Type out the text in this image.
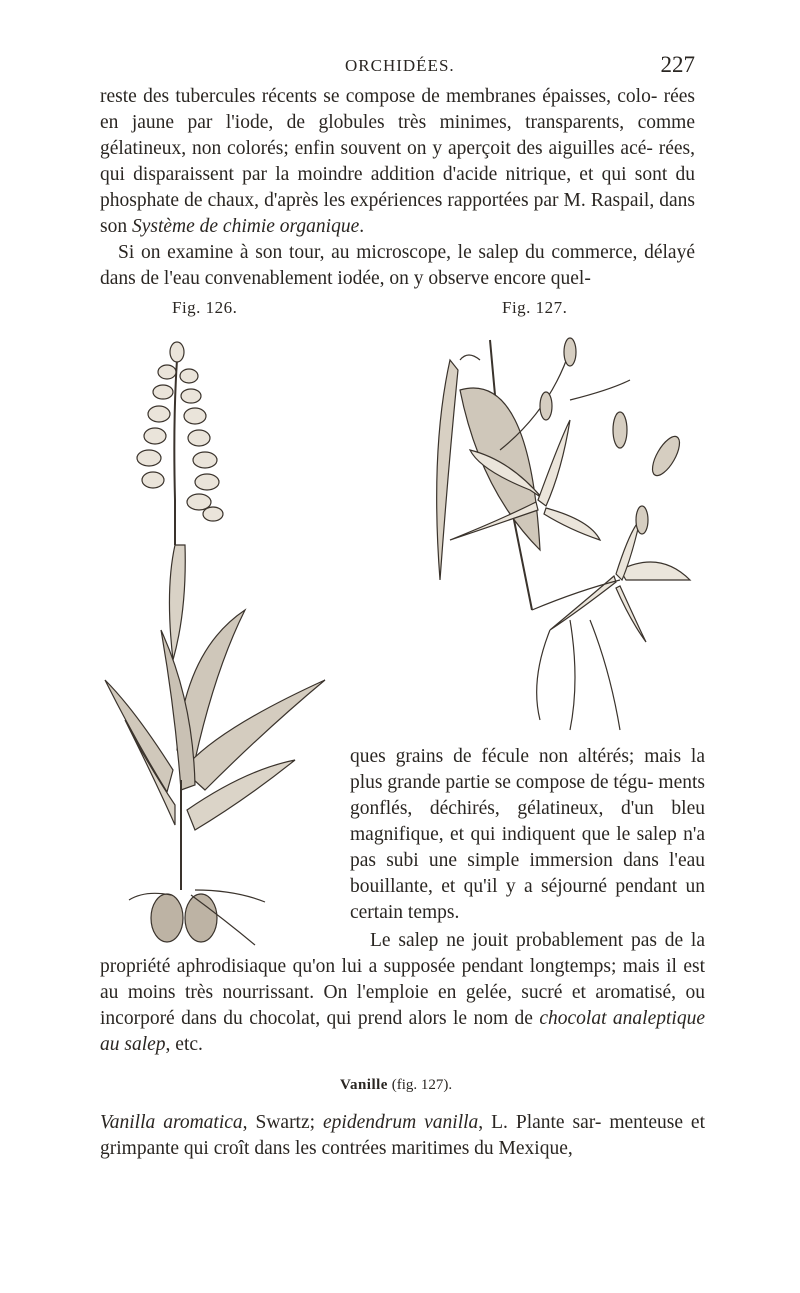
ORCHIDÉES.	227

reste des tubercules récents se compose de membranes épaisses, colo- rées en jaune par l'iode, de globules très minimes, transparents, comme gélatineux, non colorés; enfin souvent on y aperçoit des aiguilles acé- rées, qui disparaissent par la moindre addition d'acide nitrique, et qui sont du phosphate de chaux, d'après les expériences rapportées par M. Raspail, dans son Système de chimie organique.

Si on examine à son tour, au microscope, le salep du commerce, délayé dans de l'eau convenablement iodée, on y observe encore quel-

Fig. 126.	Fig. 127.

ques grains de fécule non altérés; mais la plus grande partie se compose de tégu- ments gonflés, déchirés, gélatineux, d'un bleu magnifique, et qui indiquent que le salep n'a pas subi une simple immersion dans l'eau bouillante, et qu'il y a séjourné pendant un certain temps.

Le salep ne jouit probablement pas de la propriété aphrodisiaque qu'on lui a supposée pendant longtemps; mais il est au moins très nourrissant. On l'emploie en gelée, sucré et aromatisé, ou incorporé dans du chocolat, qui prend alors le nom de chocolat analeptique au salep, etc.

Vanille (fig. 127).

Vanilla aromatica, Swartz; epidendrum vanilla, L. Plante sar- menteuse et grimpante qui croît dans les contrées maritimes du Mexique,
